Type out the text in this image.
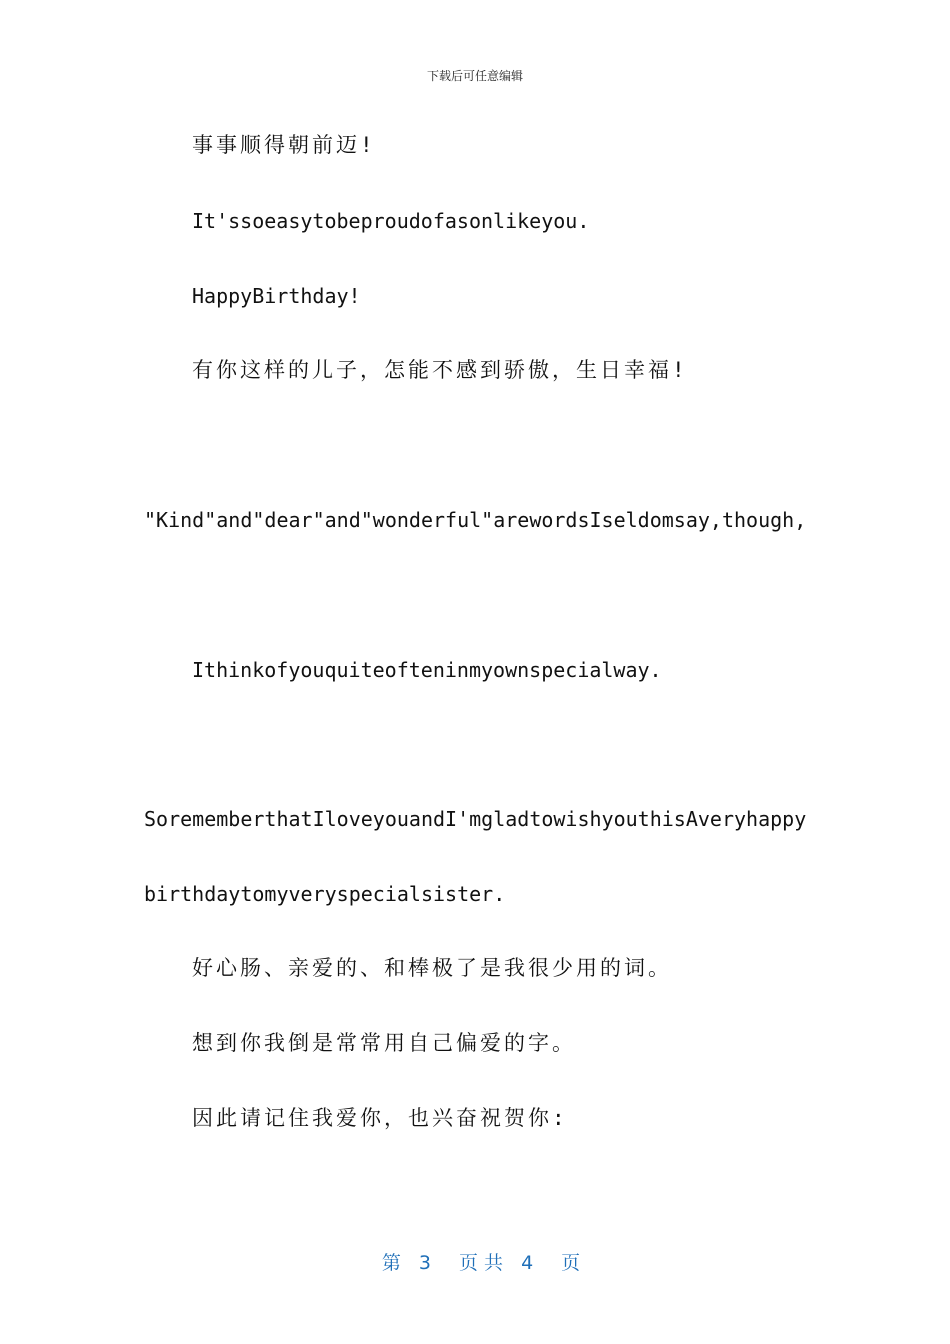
下载后可任意编辑
事事顺得朝前迈!
It'ssoeasytobeproudofasonlikeyou.
HappyBirthday!
有你这样的儿子，怎能不感到骄傲，生日幸福!
"Kind"and"dear"and"wonderful"arewordsIseldomsay,though,
Ithinkofyouquiteofteninmyownspecialway.
SorememberthatIloveyouandI'mgladtowishyouthisAveryhappy
birthdaytomyveryspecialsister.
好心肠、亲爱的、和棒极了是我很少用的词。
想到你我倒是常常用自己偏爱的字。
因此请记住我爱你，也兴奋祝贺你:

第 3 页 共 4 页
